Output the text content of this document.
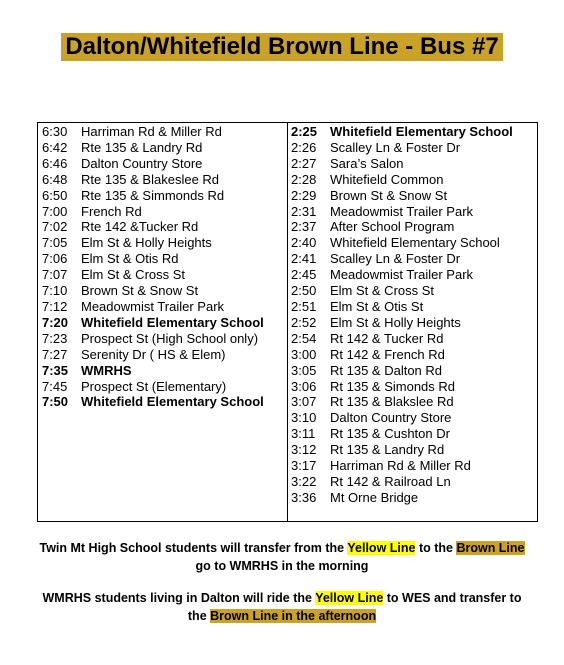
Dalton/Whitefield Brown Line - Bus #7
6:30	Harriman Rd & Miller Rd
6:42	Rte 135 & Landry Rd
6:46	Dalton Country Store
6:48	Rte 135 & Blakeslee Rd
6:50	Rte 135 & Simmonds Rd
7:00	French Rd
7:02	Rte 142 &Tucker Rd
7:05	Elm St & Holly Heights
7:06	Elm St & Otis Rd
7:07	Elm St & Cross St
7:10	Brown St & Snow St
7:12	Meadowmist Trailer Park
7:20 Whitefield Elementary School
7:23	Prospect St (High School only)
7:27	Serenity Dr ( HS & Elem)
7:35 WMRHS
7:45	Prospect St (Elementary)
7:50 Whitefield Elementary School
2:25 Whitefield Elementary School
2:26	Scalley Ln & Foster Dr
2:27	Sara’s Salon
2:28	Whitefield Common
2:29	Brown St & Snow St
2:31	Meadowmist Trailer Park
2:37	After School Program
2:40	Whitefield Elementary School
2:41	Scalley Ln & Foster Dr
2:45	Meadowmist Trailer Park
2:50	Elm St & Cross St
2:51	Elm St & Otis St
2:52	Elm St & Holly Heights
2:54	Rt 142 & Tucker Rd
3:00	Rt 142 & French Rd
3:05	Rt 135 & Dalton Rd
3:06	Rt 135 & Simonds Rd
3:07	Rt 135 & Blakslee Rd
3:10	Dalton Country Store
3:11	Rt 135 & Cushton Dr
3:12	Rt 135 & Landry Rd
3:17	Harriman Rd & Miller Rd
3:22	Rt 142 & Railroad Ln
3:36	Mt Orne Bridge
Twin Mt High School students will transfer from the Yellow Line to the Brown Line
go to WMRHS in the morning
WMRHS students living in Dalton will ride the Yellow Line to WES and transfer to
the Brown Line in the afternoon
